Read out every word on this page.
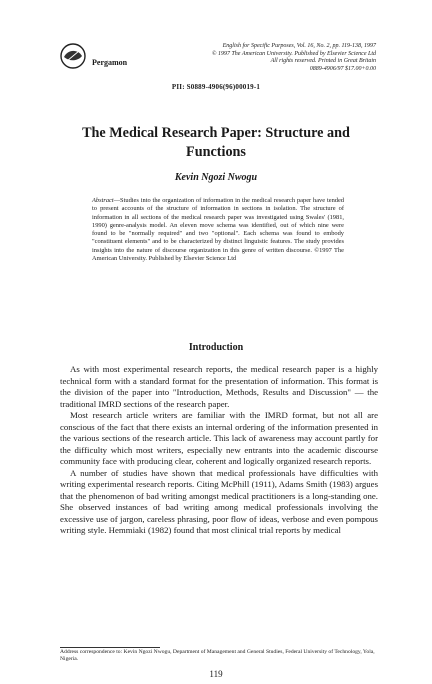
Pergamon
English for Specific Purposes, Vol. 16, No. 2, pp. 119-138, 1997
© 1997 The American University. Published by Elsevier Science Ltd
All rights reserved. Printed in Great Britain
0889-4906/97 $17.00+0.00
PII: S0889-4906(96)00019-1
The Medical Research Paper: Structure and Functions
Kevin Ngozi Nwogu
Abstract—Studies into the organization of information in the medical research paper have tended to present accounts of the structure of information in sections in isolation. The structure of information in all sections of the medical research paper was investigated using Swales' (1981, 1990) genre-analysis model. An eleven move schema was identified, out of which nine were found to be "normally required" and two "optional". Each schema was found to embody "constituent elements" and to be characterized by distinct linguistic features. The study provides insights into the nature of discourse organization in this genre of written discourse. ©1997 The American University. Published by Elsevier Science Ltd
Introduction

As with most experimental research reports, the medical research paper is a highly technical form with a standard format for the presentation of information. This format is the division of the paper into "Introduction, Methods, Results and Discussion" — the traditional IMRD sections of the research paper.

Most research article writers are familiar with the IMRD format, but not all are conscious of the fact that there exists an internal ordering of the information presented in the various sections of the research article. This lack of awareness may account partly for the difficulty which most writers, especially new entrants into the academic discourse community face with producing clear, coherent and logically organized research reports.

A number of studies have shown that medical professionals have difficulties with writing experimental research reports. Citing McPhill (1911), Adams Smith (1983) argues that the phenomenon of bad writing amongst medical practitioners is a long-standing one. She observed instances of bad writing among medical professionals involving the excessive use of jargon, careless phrasing, poor flow of ideas, verbose and even pompous writing style. Hemmiaki (1982) found that most clinical trial reports by medical

Address correspondence to: Kevin Ngozi Nwogu, Department of Management and General Studies, Federal University of Technology, Yola, Nigeria.
119
